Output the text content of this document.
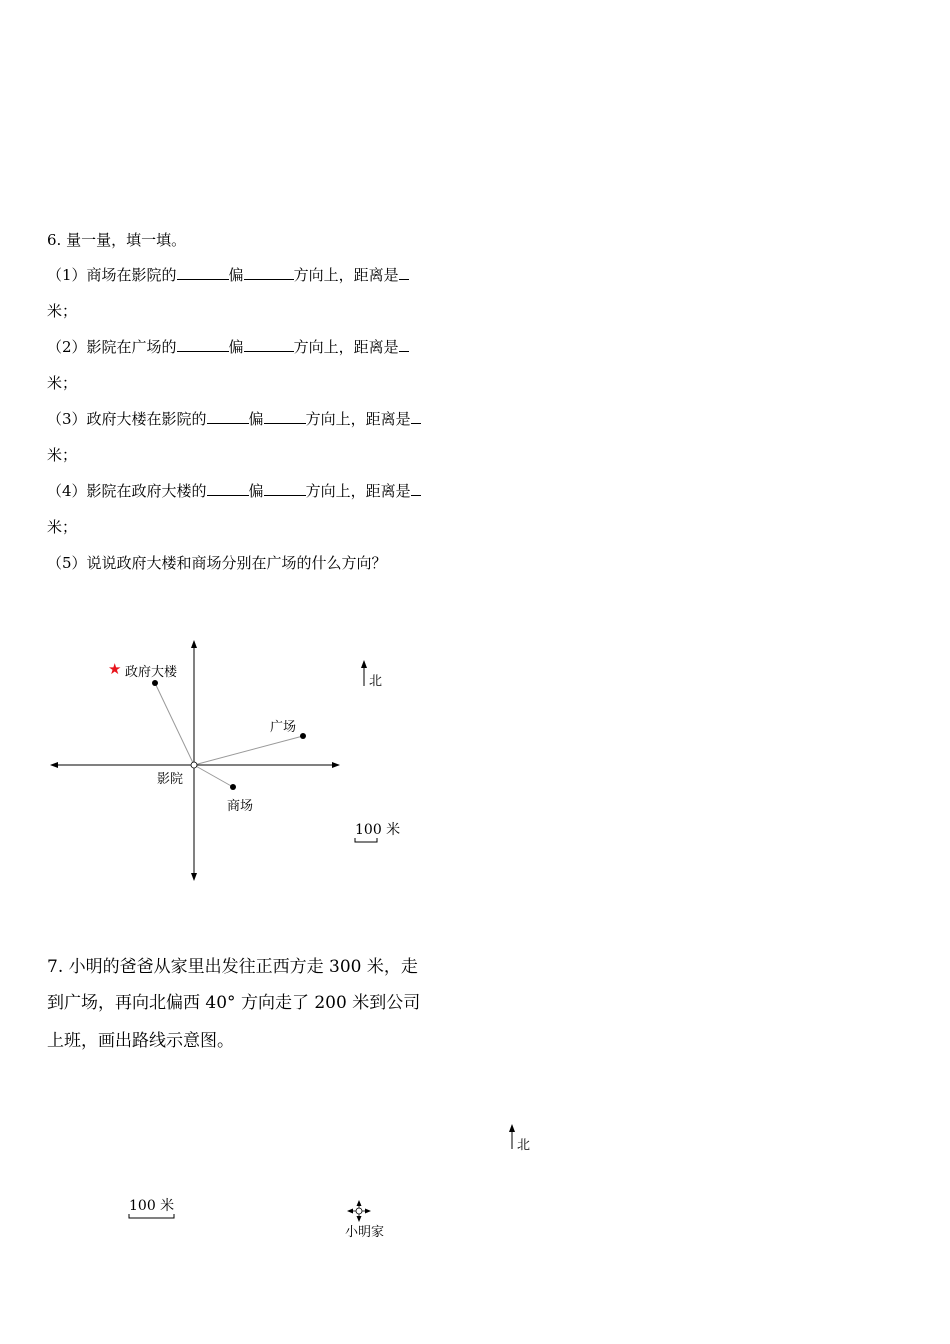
6. 量一量，填一填。
（1）商场在影院的	偏	方向上，距离是
米；
（2）影院在广场的	偏	方向上，距离是
米；
（3）政府大楼在影院的	偏	方向上，距离是
米；
（4）影院在政府大楼的	偏	方向上，距离是
米；
（5）说说政府大楼和商场分别在广场的什么方向？
★ 政府大楼
广场
影院
商场
北
100 米
7. 小明的爸爸从家里出发往正西方走 300 米，走
到广场，再向北偏西 40° 方向走了 200 米到公司
上班，画出路线示意图。
北
100 米
小明家
